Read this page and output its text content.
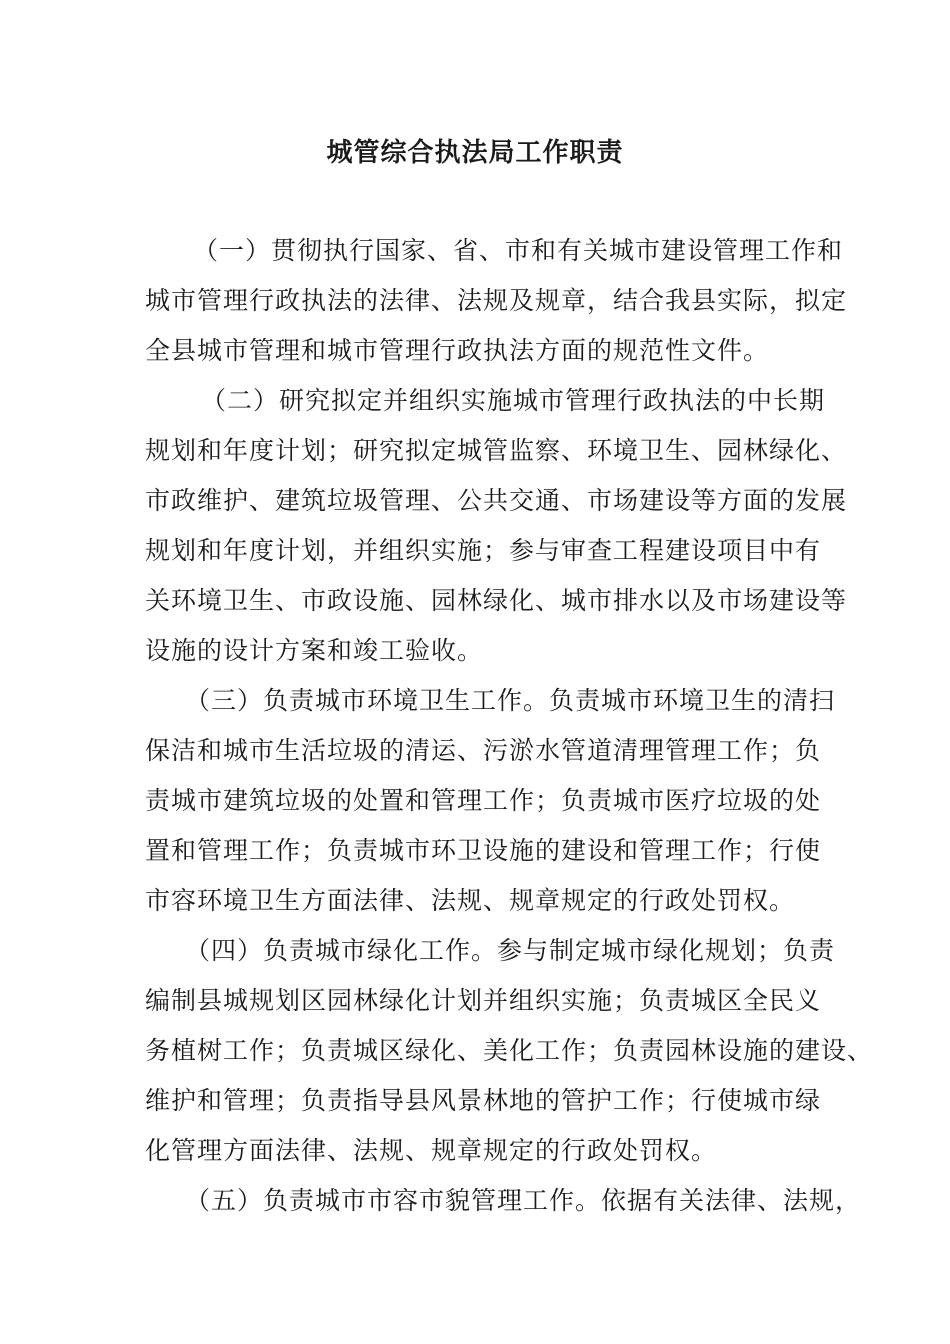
城管综合执法局工作职责
（一）贯彻执行国家、省、市和有关城市建设管理工作和
城市管理行政执法的法律、法规及规章，结合我县实际，拟定
全县城市管理和城市管理行政执法方面的规范性文件。
（二）研究拟定并组织实施城市管理行政执法的中长期
规划和年度计划；研究拟定城管监察、环境卫生、园林绿化、
市政维护、建筑垃圾管理、公共交通、市场建设等方面的发展
规划和年度计划，并组织实施；参与审查工程建设项目中有
关环境卫生、市政设施、园林绿化、城市排水以及市场建设等
设施的设计方案和竣工验收。
（三）负责城市环境卫生工作。负责城市环境卫生的清扫
保洁和城市生活垃圾的清运、污淤水管道清理管理工作；负
责城市建筑垃圾的处置和管理工作；负责城市医疗垃圾的处
置和管理工作；负责城市环卫设施的建设和管理工作；行使
市容环境卫生方面法律、法规、规章规定的行政处罚权。
（四）负责城市绿化工作。参与制定城市绿化规划；负责
编制县城规划区园林绿化计划并组织实施；负责城区全民义
务植树工作；负责城区绿化、美化工作；负责园林设施的建设、
维护和管理；负责指导县风景林地的管护工作；行使城市绿
化管理方面法律、法规、规章规定的行政处罚权。
（五）负责城市市容市貌管理工作。依据有关法律、法规，
